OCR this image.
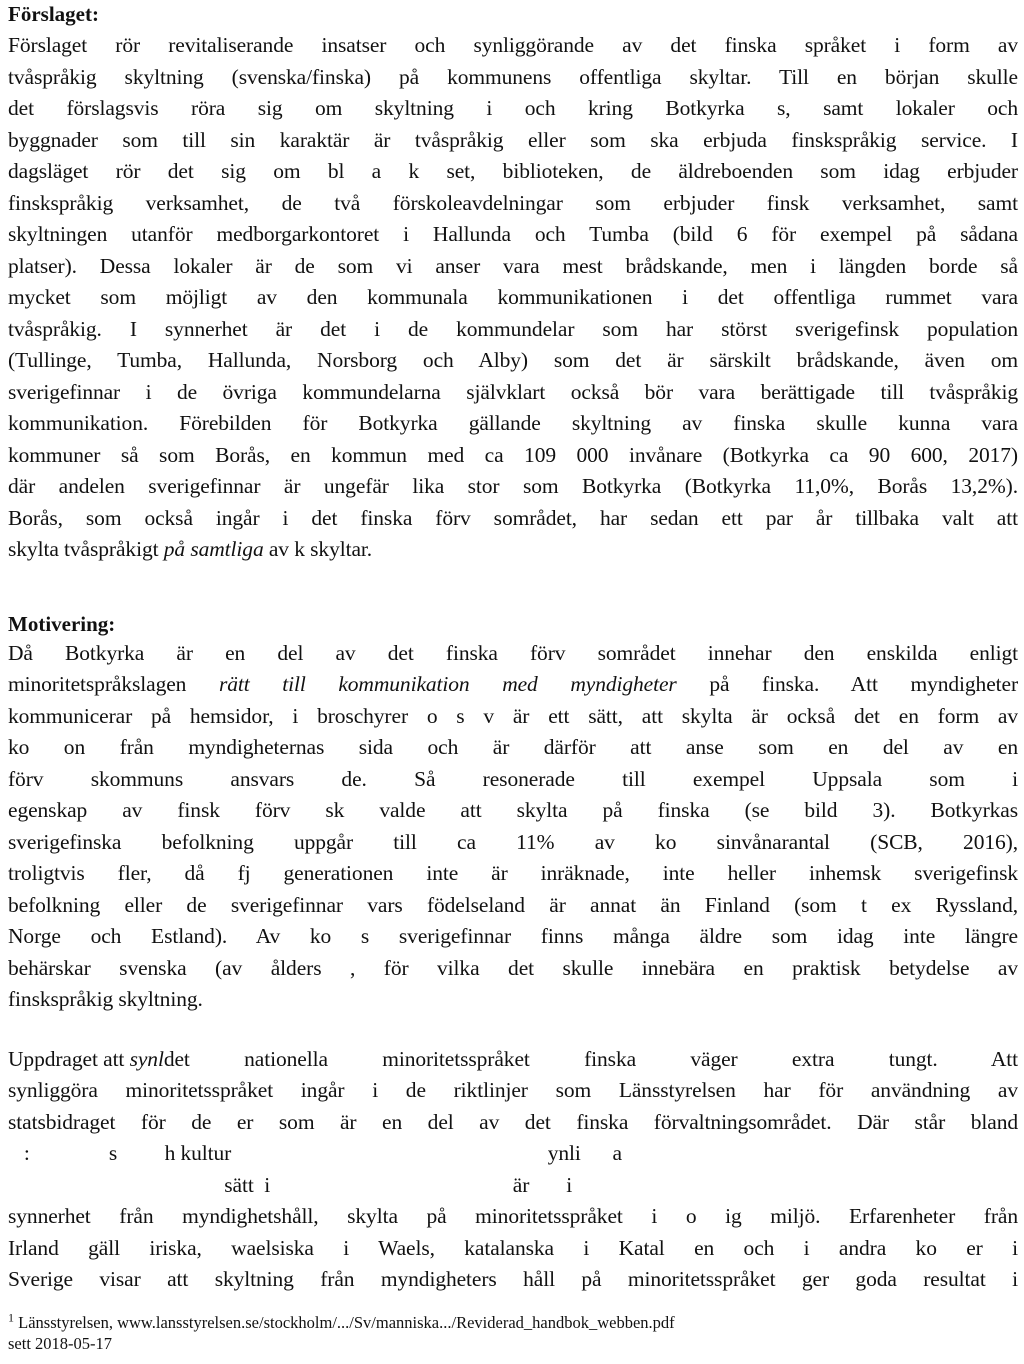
Förslaget:

Förslaget rör revitaliserande insatser och synliggörande av det finska språket i form av
tvåspråkig skyltning (svenska/finska) på kommunens offentliga skyltar. Till en början skulle
det förslagsvis röra sig om skyltning i och kring Botkyrka s, samt lokaler och
byggnader som till sin karaktär är tvåspråkig eller som ska erbjuda finskspråkig service. I
dagsläget rör det sig om bl a k set, biblioteken, de äldreboenden som idag erbjuder
finskspråkig verksamhet, de två förskoleavdelningar som erbjuder finsk verksamhet, samt
skyltningen utanför medborgarkontoret i Hallunda och Tumba (bild 6 för exempel på sådana
platser). Dessa lokaler är de som vi anser vara mest brådskande, men i längden borde så
mycket som möjligt av den kommunala kommunikationen i det offentliga rummet vara
tvåspråkig. I synnerhet är det i de kommundelar som har störst sverigefinsk population
(Tullinge, Tumba, Hallunda, Norsborg och Alby) som det är särskilt brådskande, även om
sverigefinnar i de övriga kommundelarna självklart också bör vara berättigade till tvåspråkig
kommunikation. Förebilden för Botkyrka gällande skyltning av finska skulle kunna vara
kommuner så som Borås, en kommun med ca 109 000 invånare (Botkyrka ca 90 600, 2017)
där andelen sverigefinnar är ungefär lika stor som Botkyrka (Botkyrka 11,0%, Borås 13,2%).
Borås, som också ingår i det finska förv sområdet, har sedan ett par år tillbaka valt att
skylta tvåspråkigt på samtliga av k skyltar.

Motivering:

Då Botkyrka är en del av det finska förv sområdet innehar den enskilda enligt
minoritetspråkslagen rätt till kommunikation med myndigheter på finska. Att myndigheter
kommunicerar på hemsidor, i broschyrer o s v är ett sätt, att skylta är också det en form av
ko on från myndigheternas sida och är därför att anse som en del av en
förv skommuns ansvars de. Så resonerade till exempel Uppsala som i
egenskap av finsk förv sk valde att skylta på finska (se bild 3). Botkyrkas
sverigefinska befolkning uppgår till ca 11% av ko sinvånarantal (SCB, 2016),
troligtvis fler, då fj generationen inte är inräknade, inte heller inhemsk sverigefinsk
befolkning eller de sverigefinnar vars födelseland är annat än Finland (som t ex Ryssland,
Norge och Estland). Av ko s sverigefinnar finns många äldre som idag inte längre
behärskar svenska (av ålders , för vilka det skulle innebära en praktisk betydelse av
finskspråkig skyltning.
Uppdraget att synl det nationella minoritetsspråket finska väger extra tungt. Att
synliggöra minoritetsspråket ingår i de riktlinjer som Länsstyrelsen har för användning av
statsbidraget för de er som är en del av det finska förvaltningsområdet. Där står bland
:               s         h kultur                                                            ynli      a
sätt  i                                              är       i
synnerhet från myndighetshåll, skylta på minoritetsspråket i o ig miljö. Erfarenheter från
Irland gäll iriska, waelsiska i Waels, katalanska i Katal en och i andra ko er i
Sverige visar att skyltning från myndigheters håll på minoritetsspråket ger goda resultat i
$^1$ Länsstyrelsen, www.lansstyrelsen.se/stockholm/.../Sv/manniska.../Reviderad_handbok_webben.pdf
sett 2018-05-17
